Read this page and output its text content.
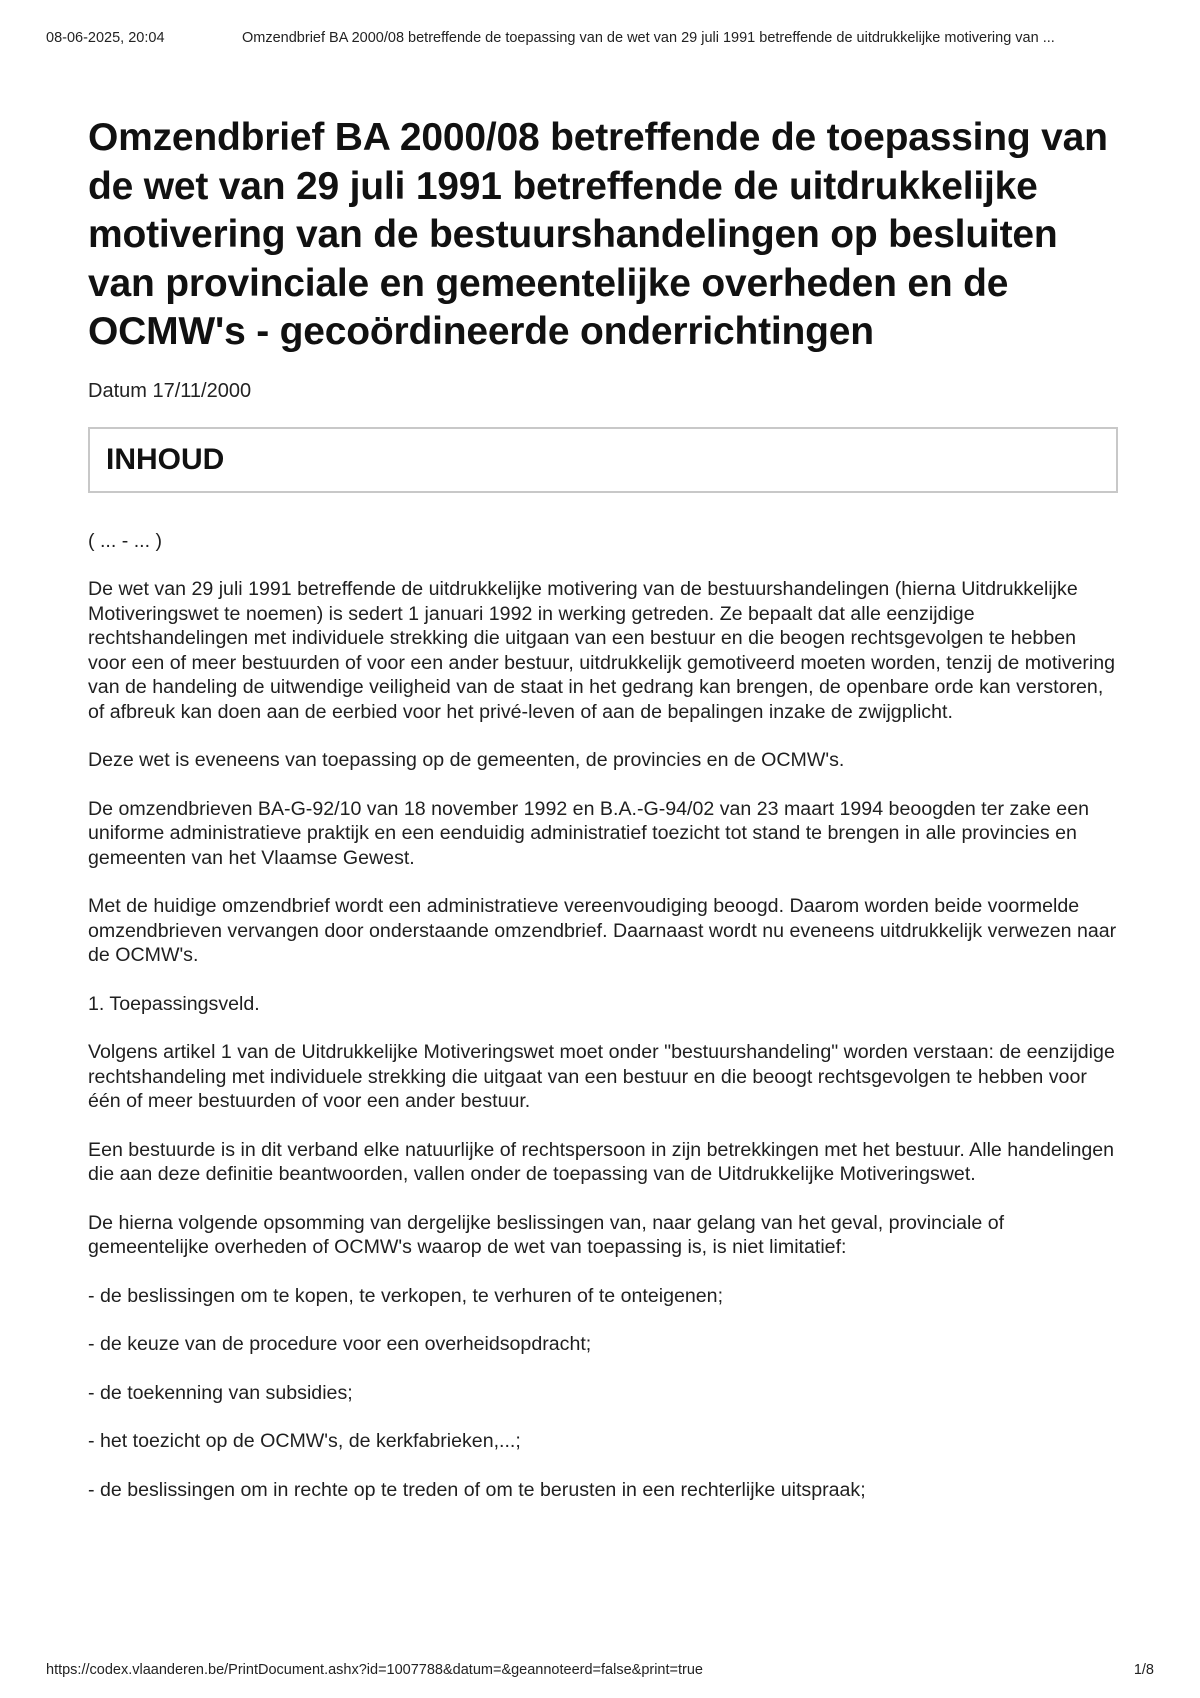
08-06-2025, 20:04	Omzendbrief BA 2000/08 betreffende de toepassing van de wet van 29 juli 1991 betreffende de uitdrukkelijke motivering van ...
Omzendbrief BA 2000/08 betreffende de toepassing van de wet van 29 juli 1991 betreffende de uitdrukkelijke motivering van de bestuurshandelingen op besluiten van provinciale en gemeentelijke overheden en de OCMW's - gecoördineerde onderrichtingen
Datum 17/11/2000
INHOUD

( ... - ... )

De wet van 29 juli 1991 betreffende de uitdrukkelijke motivering van de bestuurshandelingen (hierna Uitdrukkelijke Motiveringswet te noemen) is sedert 1 januari 1992 in werking getreden. Ze bepaalt dat alle eenzijdige rechtshandelingen met individuele strekking die uitgaan van een bestuur en die beogen rechtsgevolgen te hebben voor een of meer bestuurden of voor een ander bestuur, uitdrukkelijk gemotiveerd moeten worden, tenzij de motivering van de handeling de uitwendige veiligheid van de staat in het gedrang kan brengen, de openbare orde kan verstoren, of afbreuk kan doen aan de eerbied voor het privé-leven of aan de bepalingen inzake de zwijgplicht.

Deze wet is eveneens van toepassing op de gemeenten, de provincies en de OCMW's.

De omzendbrieven BA-G-92/10 van 18 november 1992 en B.A.-G-94/02 van 23 maart 1994 beoogden ter zake een uniforme administratieve praktijk en een eenduidig administratief toezicht tot stand te brengen in alle provincies en gemeenten van het Vlaamse Gewest.

Met de huidige omzendbrief wordt een administratieve vereenvoudiging beoogd. Daarom worden beide voormelde omzendbrieven vervangen door onderstaande omzendbrief. Daarnaast wordt nu eveneens uitdrukkelijk verwezen naar de OCMW's.

1. Toepassingsveld.

Volgens artikel 1 van de Uitdrukkelijke Motiveringswet moet onder "bestuurshandeling" worden verstaan: de eenzijdige rechtshandeling met individuele strekking die uitgaat van een bestuur en die beoogt rechtsgevolgen te hebben voor één of meer bestuurden of voor een ander bestuur.

Een bestuurde is in dit verband elke natuurlijke of rechtspersoon in zijn betrekkingen met het bestuur. Alle handelingen die aan deze definitie beantwoorden, vallen onder de toepassing van de Uitdrukkelijke Motiveringswet.

De hierna volgende opsomming van dergelijke beslissingen van, naar gelang van het geval, provinciale of gemeentelijke overheden of OCMW's waarop de wet van toepassing is, is niet limitatief:

- de beslissingen om te kopen, te verkopen, te verhuren of te onteigenen;

- de keuze van de procedure voor een overheidsopdracht;

- de toekenning van subsidies;

- het toezicht op de OCMW's, de kerkfabrieken,...;

- de beslissingen om in rechte op te treden of om te berusten in een rechterlijke uitspraak;

https://codex.vlaanderen.be/PrintDocument.ashx?id=1007788&datum=&geannoteerd=false&print=true	1/8
